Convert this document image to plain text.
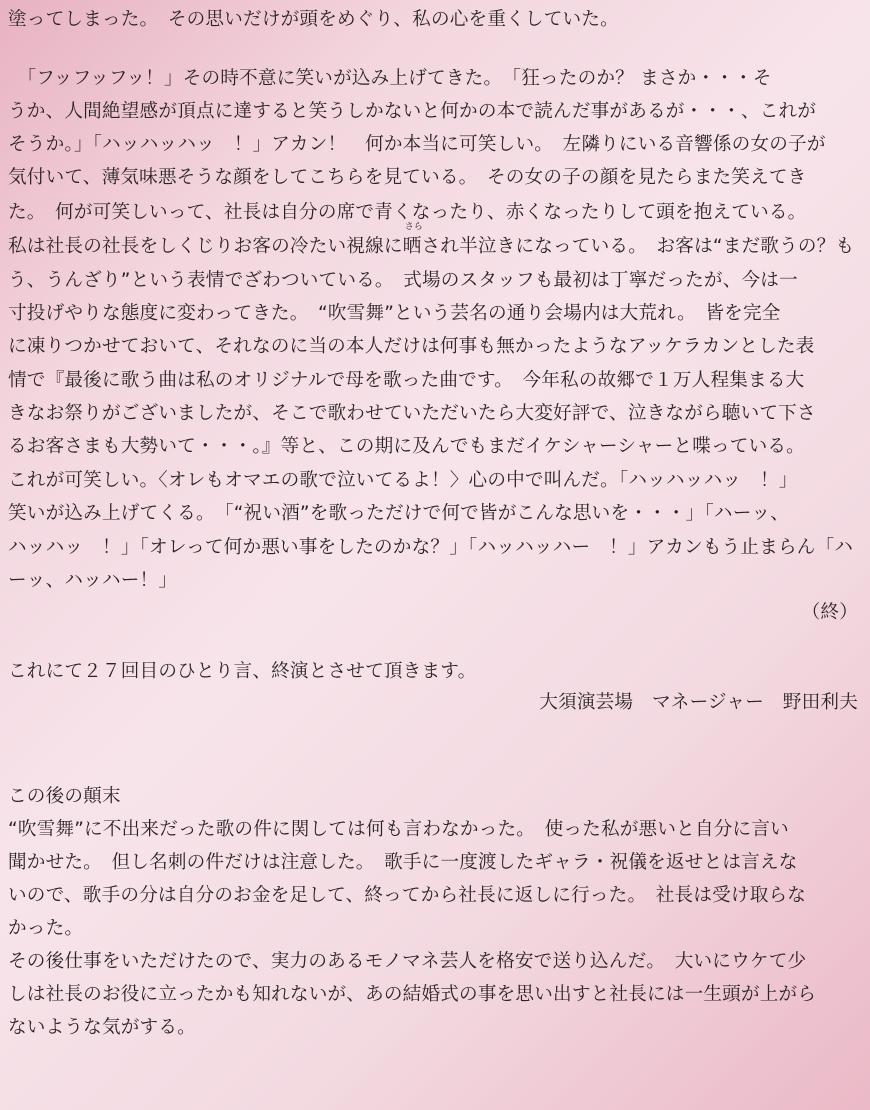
塗ってしまった。　その思いだけが頭をめぐり、私の心を重くしていた。
　「フッフッフッ！」その時不意に笑いが込み上げてきた。　「狂ったのか？ まさか・・・そ
うか、人間絶望感が頂点に達すると笑うしかないと何かの本で読んだ事があるが・・・、これが
そうか。」「ハッハッハッ　！」アカン！　何か本当に可笑しい。　左隣りにいる音響係の女の子が
気付いて、薄気味悪そうな顔をしてこちらを見ている。　その女の子の顔を見たらまた笑えてき
た。　何が可笑しいって、社長は自分の席で青くなったり、赤くなったりして頭を抱えている。
私は社長の社長をしくじりお客の冷たい視線に
さら
晒され半泣きになっている。　お客は“まだ歌うの？も
う、うんざり”という表情でざわついている。　式場のスタッフも最初は丁寧だったが、今は一
寸投げやりな態度に変わってきた。　“吹雪舞”という芸名の通り会場内は大荒れ。　皆を完全
に凍りつかせておいて、それなのに当の本人だけは何事も無かったようなアッケラカンとした表
情で『最後に歌う曲は私のオリジナルで母を歌った曲です。　今年私の故郷で１万人程集まる大
きなお祭りがございましたが、そこで歌わせていただいたら大変好評で、泣きながら聴いて下さ
るお客さまも大勢いて・・・。』等と、この期に及んでもまだイケシャーシャーと喋っている。
これが可笑しい。〈オレもオマエの歌で泣いてるよ！〉心の中で叫んだ。「ハッハッハッ　！」
笑いが込み上げてくる。　「“祝い酒”を歌っただけで何で皆がこんな思いを・・・」「ハーッ、
ハッハッ　！」「オレって何か悪い事をしたのかな？」「ハッハッハー　！」アカンもう止まらん「ハ
ーッ、ハッハー！」
（終）
これにて２７回目のひとり言、終演とさせて頂きます。
大須演芸場　マネージャー　野田利夫
この後の顛末
“吹雪舞”に不出来だった歌の件に関しては何も言わなかった。　使った私が悪いと自分に言い
聞かせた。　但し名刺の件だけは注意した。　歌手に一度渡したギャラ・祝儀を返せとは言えな
いので、歌手の分は自分のお金を足して、終ってから社長に返しに行った。　社長は受け取らな
かった。
その後仕事をいただけたので、実力のあるモノマネ芸人を格安で送り込んだ。　大いにウケて少
しは社長のお役に立ったかも知れないが、あの結婚式の事を思い出すと社長には一生頭が上がら
ないような気がする。
